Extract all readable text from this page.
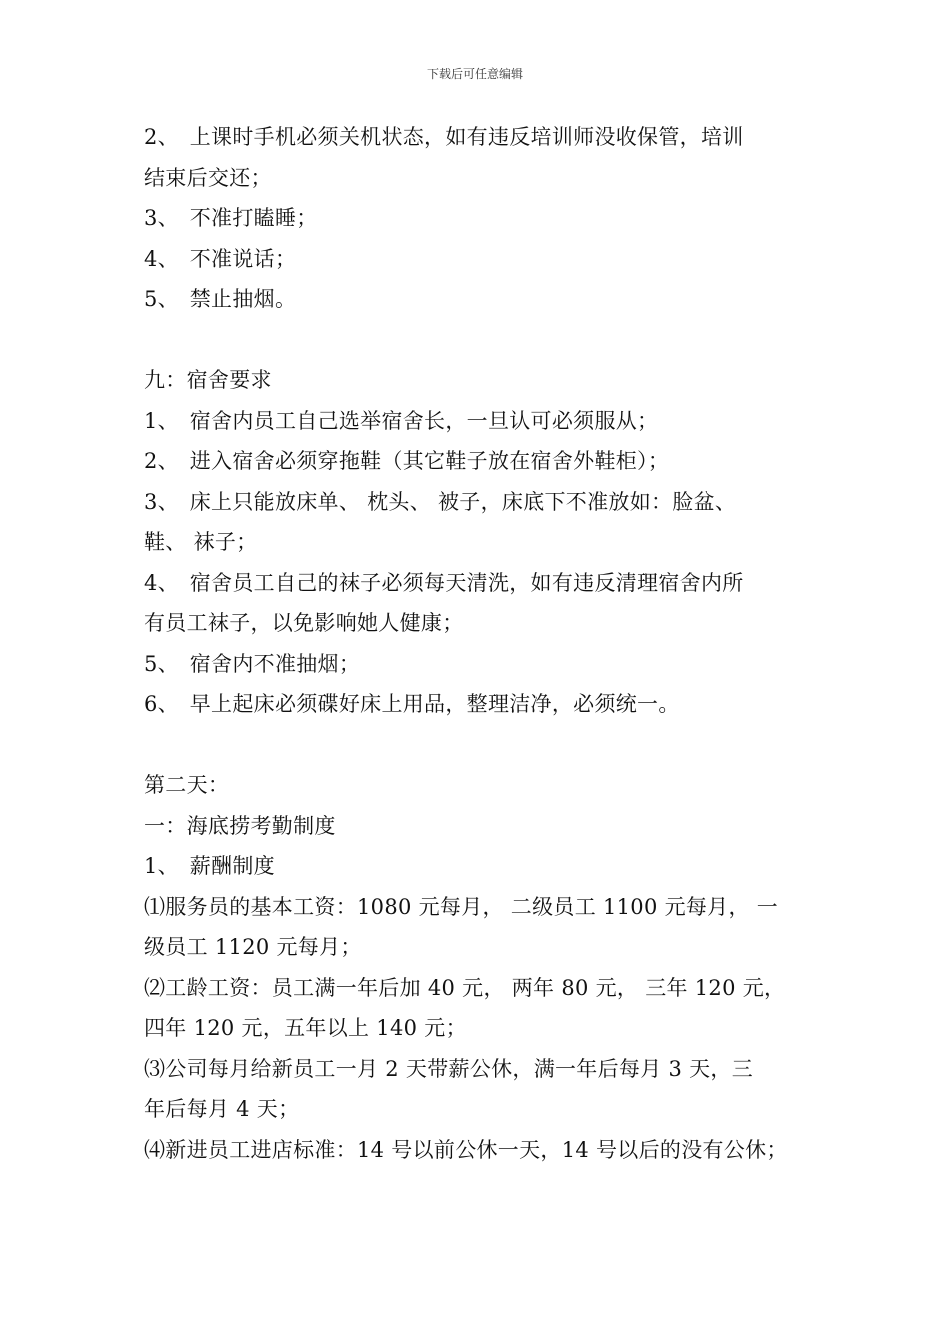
下载后可任意编辑
2、　上课时手机必须关机状态，如有违反培训师没收保管，培训
结束后交还；
3、　不准打瞌睡；
4、　不准说话；
5、　禁止抽烟。
九：宿舍要求
1、　宿舍内员工自己选举宿舍长，一旦认可必须服从；
2、　进入宿舍必须穿拖鞋（其它鞋子放在宿舍外鞋柜）；
3、　床上只能放床单、 枕头、 被子，床底下不准放如：脸盆、
鞋、 袜子；
4、　宿舍员工自己的袜子必须每天清洗，如有违反清理宿舍内所
有员工袜子，以免影响她人健康；
5、　宿舍内不准抽烟；
6、　早上起床必须碟好床上用品，整理洁净，必须统一。
第二天：
一：海底捞考勤制度
1、　薪酬制度
⑴服务员的基本工资：1080 元每月， 二级员工 1100 元每月， 一
级员工 1120 元每月；
⑵工龄工资：员工满一年后加 40 元， 两年 80 元， 三年 120 元，
四年 120 元，五年以上 140 元；
⑶公司每月给新员工一月 2 天带薪公休，满一年后每月 3 天，三
年后每月 4 天；
⑷新进员工进店标准：14 号以前公休一天，14 号以后的没有公休；
